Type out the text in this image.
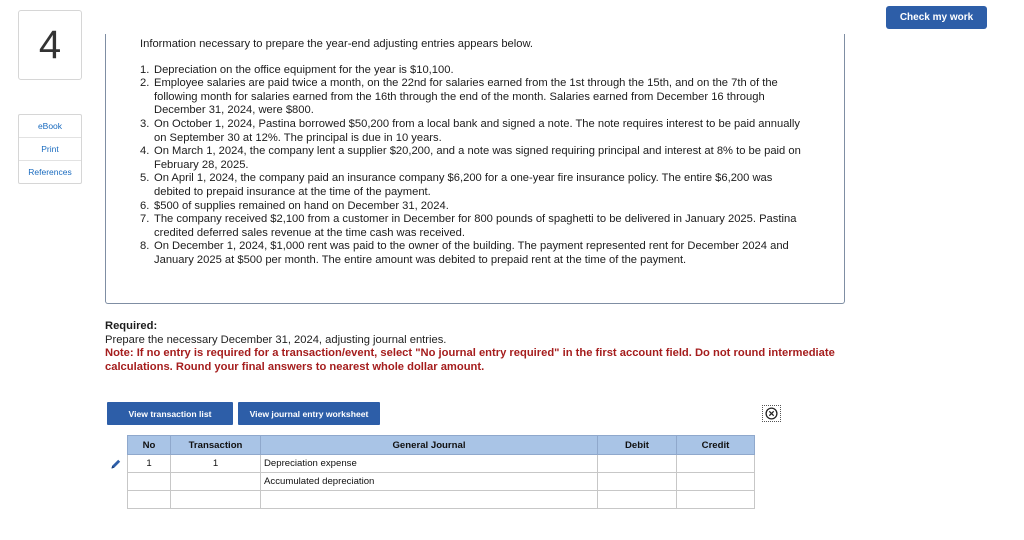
4
eBook
Print
References
Check my work

Information necessary to prepare the year-end adjusting entries appears below.

1. Depreciation on the office equipment for the year is $10,100.
2. Employee salaries are paid twice a month, on the 22nd for salaries earned from the 1st through the 15th, and on the 7th of the following month for salaries earned from the 16th through the end of the month. Salaries earned from December 16 through December 31, 2024, were $800.
3. On October 1, 2024, Pastina borrowed $50,200 from a local bank and signed a note. The note requires interest to be paid annually on September 30 at 12%. The principal is due in 10 years.
4. On March 1, 2024, the company lent a supplier $20,200, and a note was signed requiring principal and interest at 8% to be paid on February 28, 2025.
5. On April 1, 2024, the company paid an insurance company $6,200 for a one-year fire insurance policy. The entire $6,200 was debited to prepaid insurance at the time of the payment.
6. $500 of supplies remained on hand on December 31, 2024.
7. The company received $2,100 from a customer in December for 800 pounds of spaghetti to be delivered in January 2025. Pastina credited deferred sales revenue at the time cash was received.
8. On December 1, 2024, $1,000 rent was paid to the owner of the building. The payment represented rent for December 2024 and January 2025 at $500 per month. The entire amount was debited to prepaid rent at the time of the payment.
Required:
Prepare the necessary December 31, 2024, adjusting journal entries.
Note: If no entry is required for a transaction/event, select "No journal entry required" in the first account field. Do not round intermediate calculations. Round your final answers to nearest whole dollar amount.
View transaction list	View journal entry worksheet
No	Transaction	General Journal	Debit	Credit
1	1	Depreciation expense		
		Accumulated depreciation		
